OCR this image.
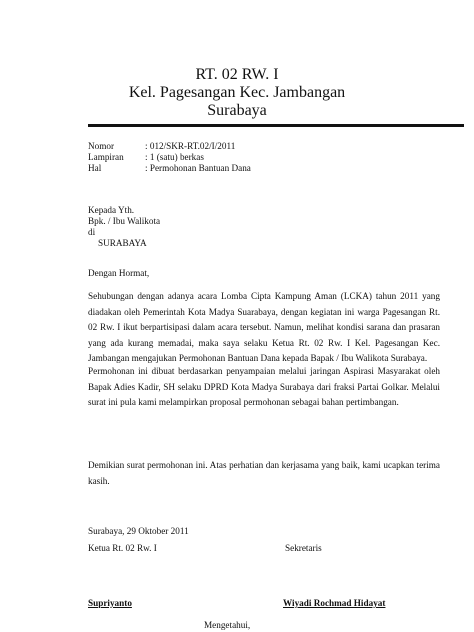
RT. 02 RW. I
Kel. Pagesangan Kec. Jambangan
Surabaya
Nomor	: 012/SKR-RT.02/I/2011
Lampiran	: 1 (satu) berkas
Hal	: Permohonan Bantuan Dana
Kepada Yth.
Bpk. / Ibu Walikota
di
SURABAYA
Dengan Hormat,
Sehubungan dengan adanya acara Lomba Cipta Kampung Aman (LCKA) tahun 2011 yang diadakan oleh Pemerintah Kota Madya Suarabaya, dengan kegiatan ini warga Pagesangan Rt. 02 Rw. I ikut berpartisipasi dalam acara tersebut. Namun, melihat kondisi sarana dan prasaran yang ada kurang memadai, maka saya selaku Ketua Rt. 02 Rw. I Kel. Pagesangan Kec. Jambangan mengajukan Permohonan Bantuan Dana kepada Bapak / Ibu Walikota Surabaya.
Permohonan ini dibuat berdasarkan penyampaian melalui jaringan Aspirasi Masyarakat oleh Bapak Adies Kadir, SH selaku DPRD Kota Madya Surabaya dari fraksi Partai Golkar. Melalui surat ini pula kami melampirkan proposal permohonan sebagai bahan pertimbangan.
Demikian surat permohonan ini. Atas perhatian dan kerjasama yang baik, kami ucapkan terima kasih.
Surabaya, 29 Oktober 2011
Ketua Rt. 02 Rw. I	Sekretaris
Supriyanto	Wiyadi Rochmad Hidayat
Mengetahui,
